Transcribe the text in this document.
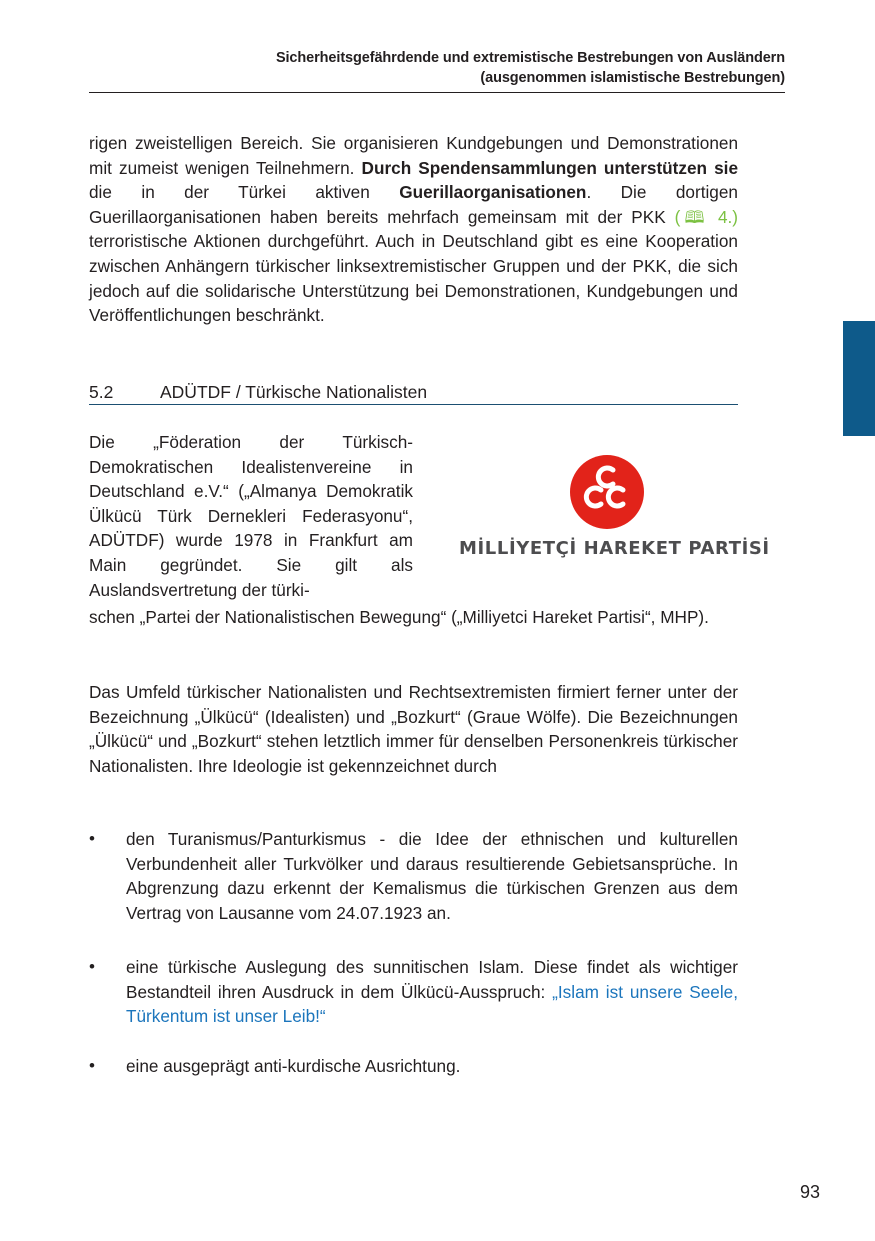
Sicherheitsgefährdende und extremistische Bestrebungen von Ausländern
(ausgenommen islamistische Bestrebungen)

rigen zweistelligen Bereich. Sie organisieren Kundgebungen und Demonstrationen mit zumeist wenigen Teilnehmern. Durch Spendensammlungen unterstützen sie die in der Türkei aktiven Guerillaorganisationen. Die dortigen Guerillaorganisationen haben bereits mehrfach gemeinsam mit der PKK (🕮 4.) terroristische Aktionen durchgeführt. Auch in Deutschland gibt es eine Kooperation zwischen Anhängern türkischer linksextremistischer Gruppen und der PKK, die sich jedoch auf die solidarische Unterstützung bei Demonstrationen, Kundgebungen und Veröffentlichungen beschränkt.

5.2	ADÜTDF / Türkische Nationalisten

Die „Föderation der Türkisch-Demokratischen Idealistenvereine in Deutschland e.V.“ („Almanya Demokratik Ülkücü Türk Dernekleri Federasyonu“, ADÜTDF) wurde 1978 in Frankfurt am Main gegründet. Sie gilt als Auslandsvertretung der türki-

MİLLİYETÇİ HAREKET PARTİSİ

schen „Partei der Nationalistischen Bewegung“ („Milliyetci Hareket Partisi“, MHP).

Das Umfeld türkischer Nationalisten und Rechtsextremisten firmiert ferner unter der Bezeichnung „Ülkücü“ (Idealisten) und „Bozkurt“ (Graue Wölfe). Die Bezeichnungen „Ülkücü“ und „Bozkurt“ stehen letztlich immer für denselben Personenkreis türkischer Nationalisten. Ihre Ideologie ist gekennzeichnet durch

• den Turanismus/Panturkismus - die Idee der ethnischen und kulturellen Verbundenheit aller Turkvölker und daraus resultierende Gebietsansprüche. In Abgrenzung dazu erkennt der Kemalismus die türkischen Grenzen aus dem Vertrag von Lausanne vom 24.07.1923 an.

• eine türkische Auslegung des sunnitischen Islam. Diese findet als wichtiger Bestandteil ihren Ausdruck in dem Ülkücü-Ausspruch: „Islam ist unsere Seele, Türkentum ist unser Leib!“

• eine ausgeprägt anti-kurdische Ausrichtung.

93
